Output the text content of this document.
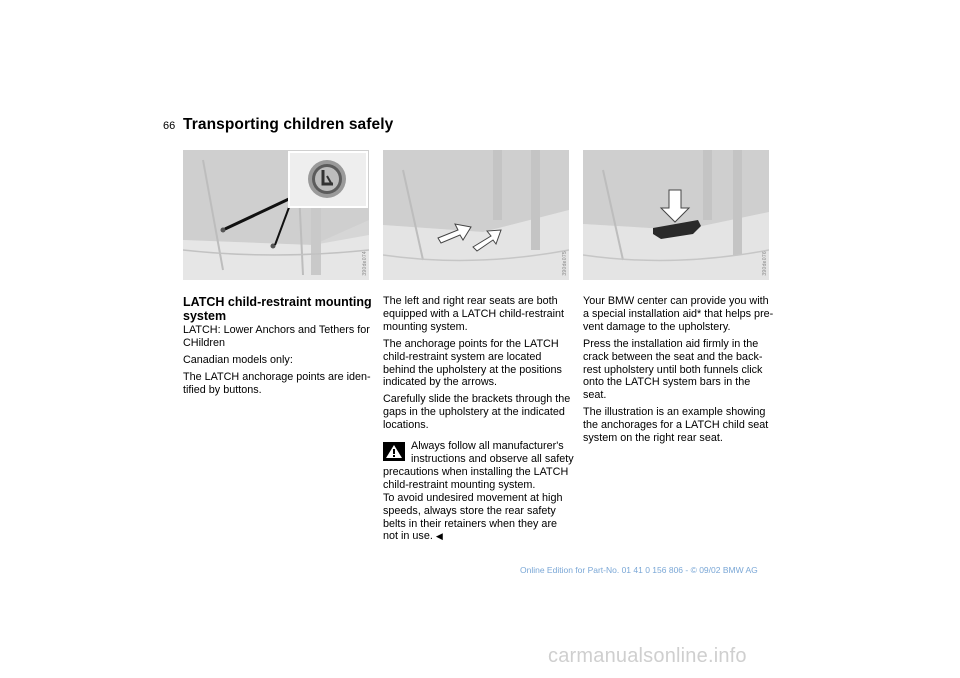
66 Transporting children safely
390de074	390de075	390de076
LATCH child-restraint mounting system

LATCH: Lower Anchors and Tethers for CHildren

Canadian models only:

The LATCH anchorage points are iden-tified by buttons.

The left and right rear seats are both equipped with a LATCH child-restraint mounting system.

The anchorage points for the LATCH child-restraint system are located behind the upholstery at the positions indicated by the arrows.

Carefully slide the brackets through the gaps in the upholstery at the indicated locations.

Always follow all manufacturer's instructions and observe all safety
precautions when installing the LATCH child-restraint mounting system.
To avoid undesired movement at high speeds, always store the rear safety belts in their retainers when they are not in use. ◀

Your BMW center can provide you with a special installation aid* that helps pre-vent damage to the upholstery.

Press the installation aid firmly in the crack between the seat and the back-rest upholstery until both funnels click onto the LATCH system bars in the seat.

The illustration is an example showing the anchorages for a LATCH child seat system on the right rear seat.

Online Edition for Part-No. 01 41 0 156 806 - © 09/02 BMW AG
carmanualsonline.info
